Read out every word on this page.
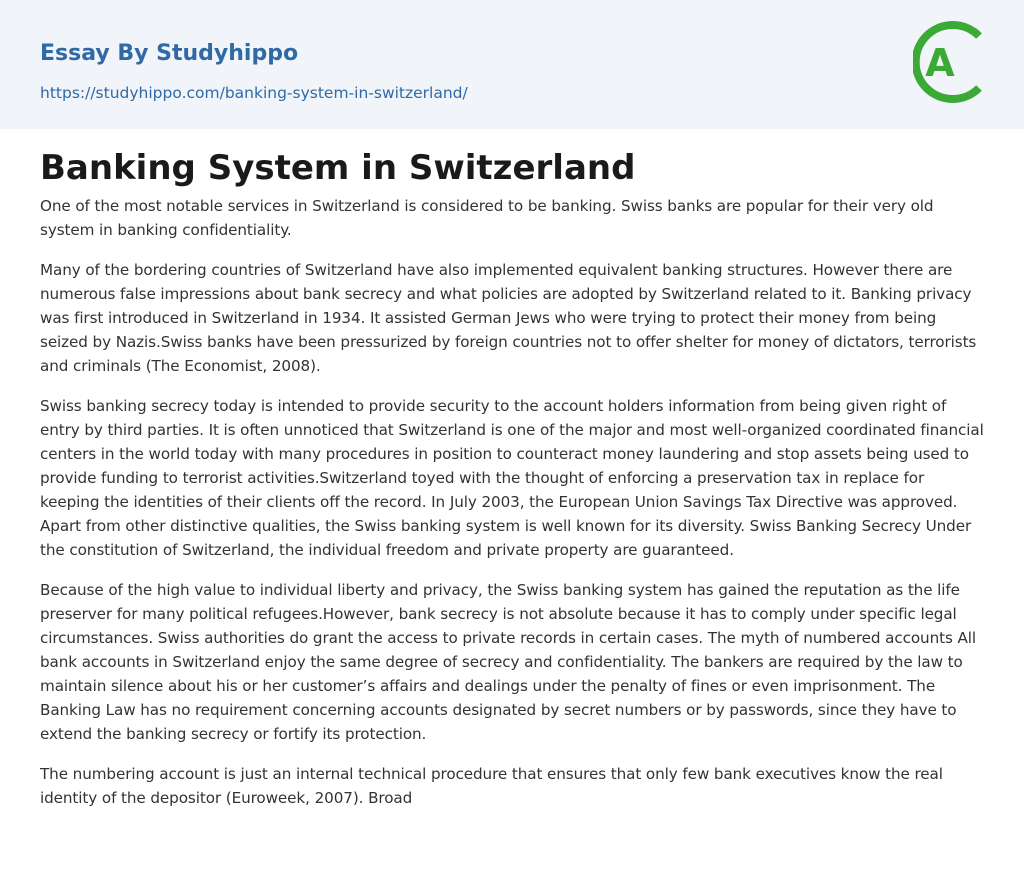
Essay By Studyhippo
https://studyhippo.com/banking-system-in-switzerland/
A
Banking System in Switzerland

One of the most notable services in Switzerland is considered to be banking. Swiss banks are popular for their very old system in banking confidentiality.

Many of the bordering countries of Switzerland have also implemented equivalent banking structures. However there are numerous false impressions about bank secrecy and what policies are adopted by Switzerland related to it. Banking privacy was first introduced in Switzerland in 1934. It assisted German Jews who were trying to protect their money from being seized by Nazis.Swiss banks have been pressurized by foreign countries not to offer shelter for money of dictators, terrorists and criminals (The Economist, 2008).

Swiss banking secrecy today is intended to provide security to the account holders information from being given right of entry by third parties. It is often unnoticed that Switzerland is one of the major and most well-organized coordinated financial centers in the world today with many procedures in position to counteract money laundering and stop assets being used to provide funding to terrorist activities.Switzerland toyed with the thought of enforcing a preservation tax in replace for keeping the identities of their clients off the record. In July 2003, the European Union Savings Tax Directive was approved. Apart from other distinctive qualities, the Swiss banking system is well known for its diversity. Swiss Banking Secrecy Under the constitution of Switzerland, the individual freedom and private property are guaranteed.

Because of the high value to individual liberty and privacy, the Swiss banking system has gained the reputation as the life preserver for many political refugees.However, bank secrecy is not absolute because it has to comply under specific legal circumstances. Swiss authorities do grant the access to private records in certain cases. The myth of numbered accounts All bank accounts in Switzerland enjoy the same degree of secrecy and confidentiality. The bankers are required by the law to maintain silence about his or her customer’s affairs and dealings under the penalty of fines or even imprisonment. The Banking Law has no requirement concerning accounts designated by secret numbers or by passwords, since they have to extend the banking secrecy or fortify its protection.

The numbering account is just an internal technical procedure that ensures that only few bank executives know the real identity of the depositor (Euroweek, 2007). Broad
